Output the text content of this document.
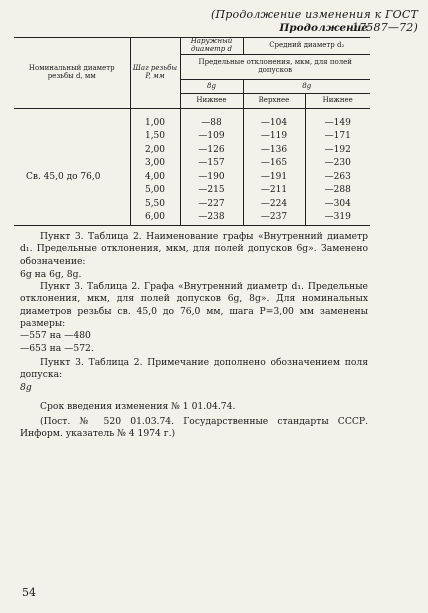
(Продолжение изменения к ГОСТ 17587—72)
Продолжение
Номинальный диаметр резьбы d, мм	Шаг резьбы P, мм	Наружный диаметр d	Средний диаметр d₂	
		Предельные отклонения, мкм, для полей допусков		
		8g	8g	
		Нижнее	Верхнее	Нижнее

	1,00	—88	—104	—149
	1,50	—109	—119	—171
	2,00	—126	—136	—192
	3,00	—157	—165	—230
Св. 45,0 до 76,0	4,00	—190	—191	—263
	5,00	—215	—211	—288
	5,50	—227	—224	—304
	6,00	—238	—237	—319

Пункт 3. Таблица 2. Наименование графы «Внутренний диаметр d₁. Предельные отклонения, мкм, для полей допусков 6g». Заменено обозначение:

6g на 6g, 8g.

Пункт 3. Таблица 2. Графа «Внутренний диаметр d₁. Предельные отклонения, мкм, для полей допусков 6g, 8g». Для номинальных диаметров резьбы св. 45,0 до 76,0 мм, шага P=3,00 мм заменены размеры:

—557 на —480

—653 на —572.

Пункт 3. Таблица 2. Примечание дополнено обозначением поля допуска:

8g

Срок введения изменения № 1 01.04.74.

(Пост. № 520 01.03.74. Государственные стандарты СССР. Информ. указатель № 4 1974 г.)

54
